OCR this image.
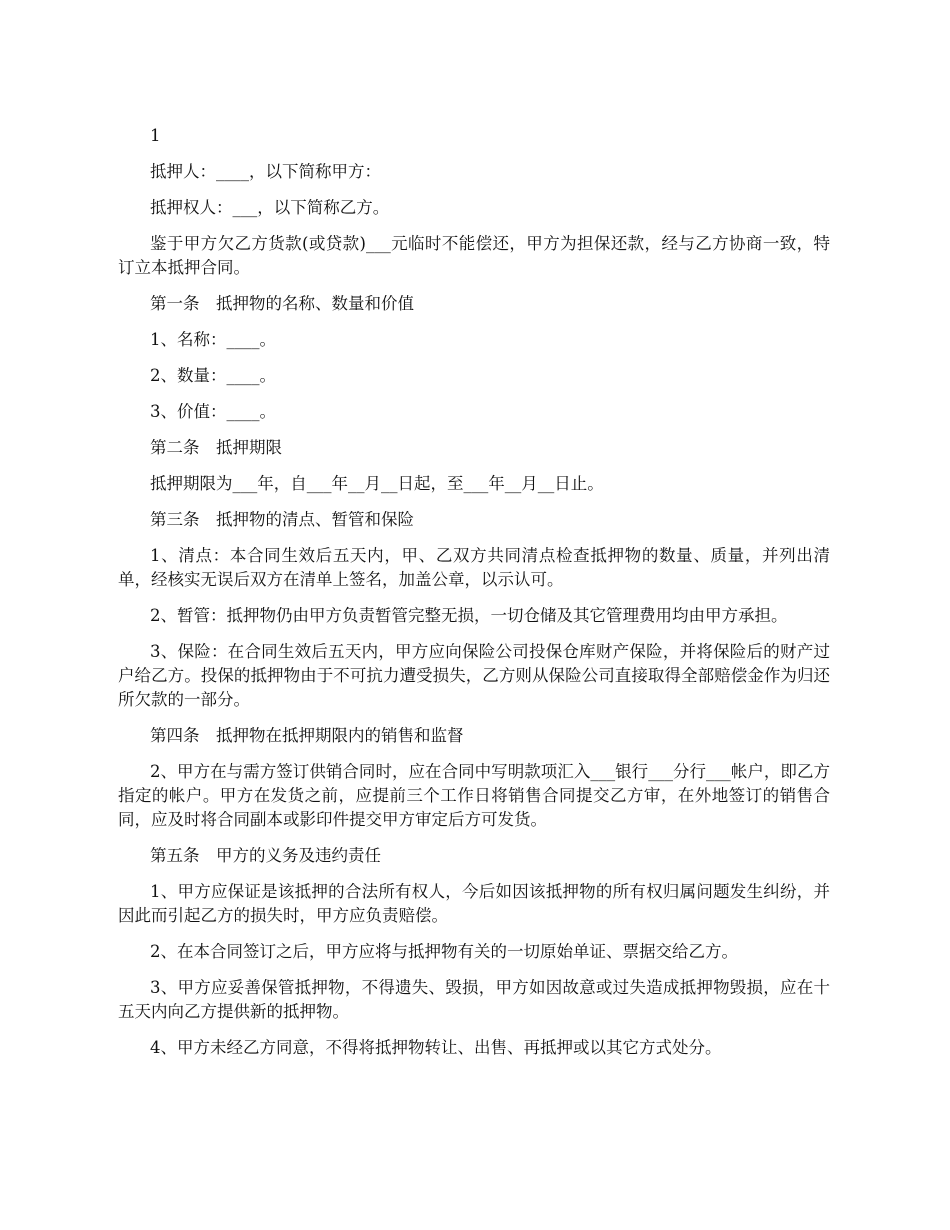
1

抵押人：____，以下简称甲方：

抵押权人：___，以下简称乙方。

鉴于甲方欠乙方货款(或贷款)___元临时不能偿还，甲方为担保还款，经与乙方协商一致，特订立本抵押合同。

第一条　抵押物的名称、数量和价值

1、名称：____。

2、数量：____。

3、价值：____。

第二条　抵押期限

抵押期限为___年，自___年__月__日起，至___年__月__日止。

第三条　抵押物的清点、暂管和保险

1、清点：本合同生效后五天内，甲、乙双方共同清点检查抵押物的数量、质量，并列出清单，经核实无误后双方在清单上签名，加盖公章，以示认可。

2、暂管：抵押物仍由甲方负责暂管完整无损，一切仓储及其它管理费用均由甲方承担。

3、保险：在合同生效后五天内，甲方应向保险公司投保仓库财产保险，并将保险后的财产过户给乙方。投保的抵押物由于不可抗力遭受损失，乙方则从保险公司直接取得全部赔偿金作为归还所欠款的一部分。

第四条　抵押物在抵押期限内的销售和监督

2、甲方在与需方签订供销合同时，应在合同中写明款项汇入___银行___分行___帐户，即乙方指定的帐户。甲方在发货之前，应提前三个工作日将销售合同提交乙方审，在外地签订的销售合同，应及时将合同副本或影印件提交甲方审定后方可发货。

第五条　甲方的义务及违约责任

1、甲方应保证是该抵押的合法所有权人，今后如因该抵押物的所有权归属问题发生纠纷，并因此而引起乙方的损失时，甲方应负责赔偿。

2、在本合同签订之后，甲方应将与抵押物有关的一切原始单证、票据交给乙方。

3、甲方应妥善保管抵押物，不得遗失、毁损，甲方如因故意或过失造成抵押物毁损，应在十五天内向乙方提供新的抵押物。

4、甲方未经乙方同意，不得将抵押物转让、出售、再抵押或以其它方式处分。
